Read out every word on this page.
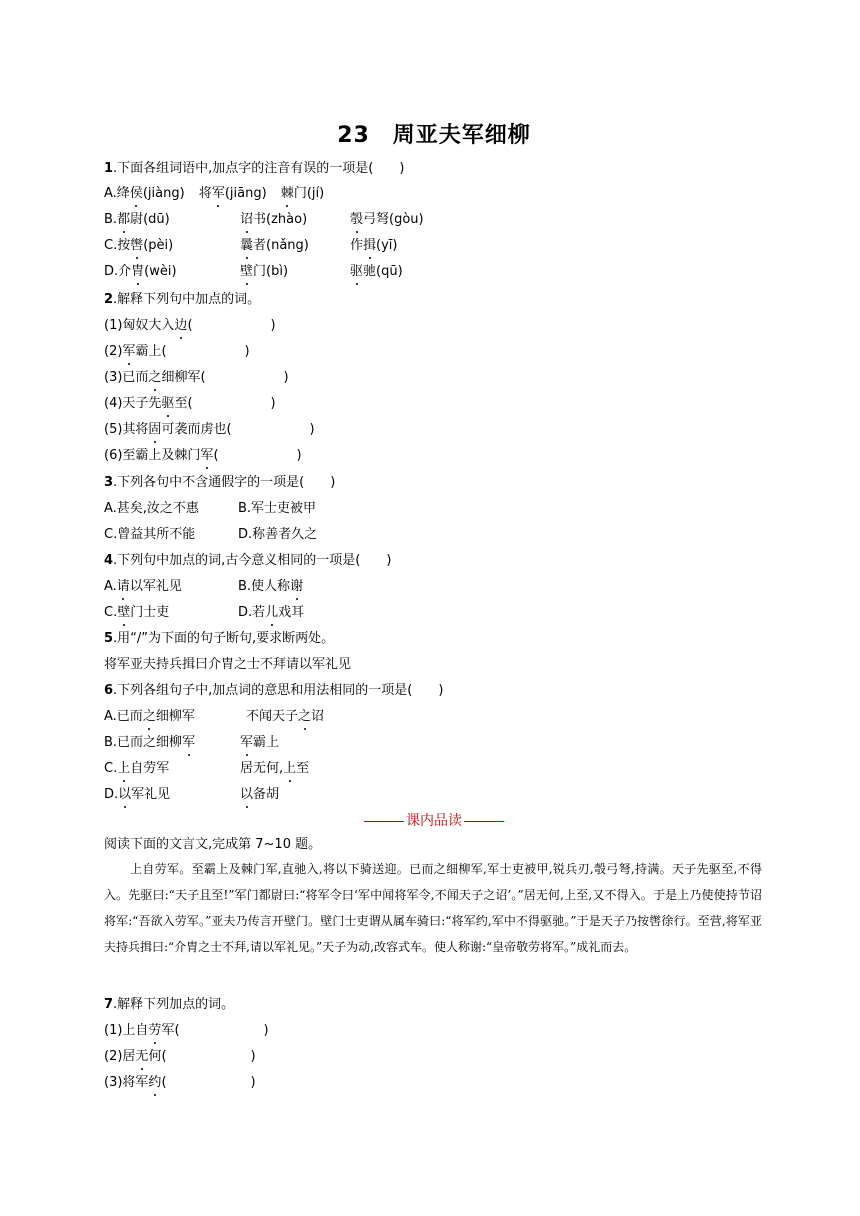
23　周亚夫军细柳
1.下面各组词语中,加点字的注音有误的一项是(　　)
A.绛侯(jiàng) 将军(jiāng) 棘门(jí)
B.都尉(dū)	诏书(zhào)	彀弓弩(gòu)
C.按辔(pèi)	曩者(nǎng)	作揖(yī)
D.介胄(wèi)	壁门(bì)	驱驰(qū)
2.解释下列句中加点的词。
(1)匈奴大入边(	)
(2)军霸上(	)
(3)已而之细柳军(	)
(4)天子先驱至(	)
(5)其将固可袭而虏也(	)
(6)至霸上及棘门军(	)
3.下列各句中不含通假字的一项是(　　)
A.甚矣,汝之不惠	B.军士吏被甲
C.曾益其所不能	D.称善者久之
4.下列句中加点的词,古今意义相同的一项是(　　)
A.请以军礼见	B.使人称谢
C.壁门士吏	D.若儿戏耳
5.用“/”为下面的句子断句,要求断两处。
将军亚夫持兵揖曰介胄之士不拜请以军礼见
6.下列各组句子中,加点词的意思和用法相同的一项是(　　)
A.已而之细柳军	不闻天子之诏
B.已而之细柳军	军霸上
C.上自劳军	居无何,上至
D.以军礼见	以备胡
课内品读
阅读下面的文言文,完成第 7~10 题。
上自劳军。至霸上及棘门军,直驰入,将以下骑送迎。已而之细柳军,军士吏被甲,锐兵刃,彀弓弩,持满。天子先驱至,不得入。先驱曰:“天子且至!”军门都尉曰:“将军令曰‘军中闻将军令,不闻天子之诏’。”居无何,上至,又不得入。于是上乃使使持节诏将军:“吾欲入劳军。”亚夫乃传言开壁门。壁门士吏谓从属车骑曰:“将军约,军中不得驱驰。”于是天子乃按辔徐行。至营,将军亚夫持兵揖曰:“介胄之士不拜,请以军礼见。”天子为动,改容式车。使人称谢:“皇帝敬劳将军。”成礼而去。
7.解释下列加点的词。
(1)上自劳军(	)
(2)居无何(	)
(3)将军约(	)
